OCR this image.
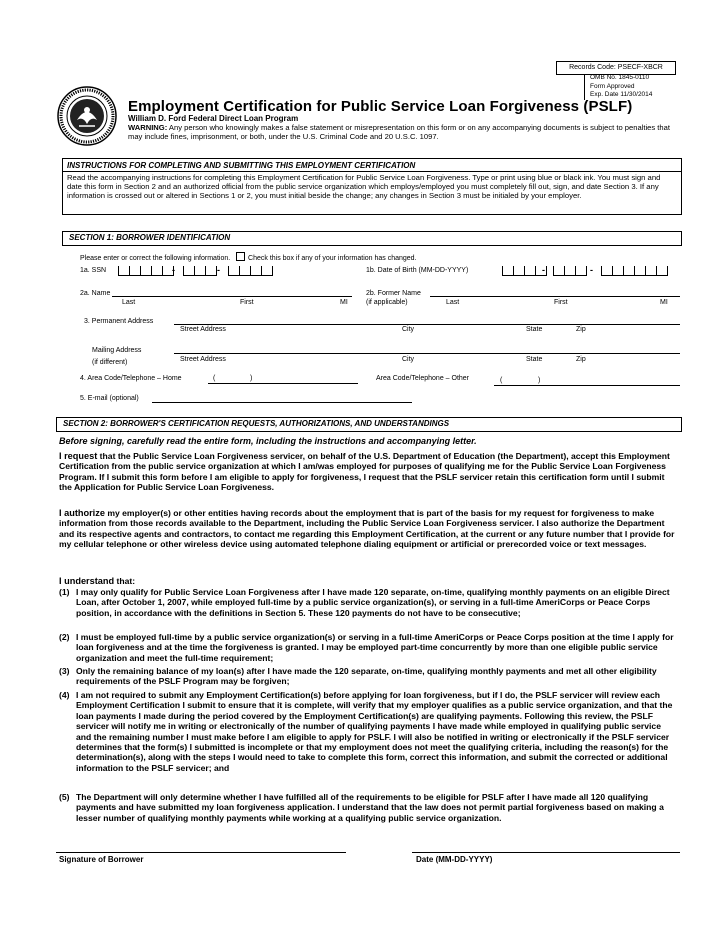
Records Code: PSECF-XBCR
OMB No. 1845-0110
Form Approved
Exp. Date 11/30/2014
Employment Certification for Public Service Loan Forgiveness (PSLF)
William D. Ford Federal Direct Loan Program
WARNING: Any person who knowingly makes a false statement or misrepresentation on this form or on any accompanying documents is subject to penalties that may include fines, imprisonment, or both, under the U.S. Criminal Code and 20 U.S.C. 1097.
INSTRUCTIONS FOR COMPLETING AND SUBMITTING THIS EMPLOYMENT CERTIFICATION
Read the accompanying instructions for completing this Employment Certification for Public Service Loan Forgiveness. Type or print using blue or black ink. You must sign and date this form in Section 2 and an authorized official from the public service organization which employs/employed you must completely fill out, sign, and date Section 3. If any information is crossed out or altered in Sections 1 or 2, you must initial beside the change; any changes in Section 3 must be initialed by your employer.
SECTION 1: BORROWER IDENTIFICATION
Please enter or correct the following information.	Check this box if any of your information has changed.
1a. SSN	-	-	1b. Date of Birth (MM-DD-YYYY)	-	-
2a. Name
Last	First	MI
2b. Former Name
(if applicable)	Last	First	MI
3. Permanent Address
Street Address	City	State	Zip
Mailing Address
(if different)	Street Address	City	State	Zip
4. Area Code/Telephone – Home	(	)	Area Code/Telephone – Other	(	)
5. E-mail (optional)
SECTION 2: BORROWER'S CERTIFICATION REQUESTS, AUTHORIZATIONS, AND UNDERSTANDINGS
Before signing, carefully read the entire form, including the instructions and accompanying letter.
I request that the Public Service Loan Forgiveness servicer, on behalf of the U.S. Department of Education (the Department), accept this Employment Certification from the public service organization at which I am/was employed for purposes of qualifying me for the Public Service Loan Forgiveness Program. If I submit this form before I am eligible to apply for forgiveness, I request that the PSLF servicer retain this certification form until I submit the Application for Public Service Loan Forgiveness.
I authorize my employer(s) or other entities having records about the employment that is part of the basis for my request for forgiveness to make information from those records available to the Department, including the Public Service Loan Forgiveness servicer. I also authorize the Department and its respective agents and contractors, to contact me regarding this Employment Certification, at the current or any future number that I provide for my cellular telephone or other wireless device using automated telephone dialing equipment or artificial or prerecorded voice or text messages.
I understand that:
(1) I may only qualify for Public Service Loan Forgiveness after I have made 120 separate, on-time, qualifying monthly payments on an eligible Direct Loan, after October 1, 2007, while employed full-time by a public service organization(s), or serving in a full-time AmeriCorps or Peace Corps position, in accordance with the definitions in Section 5. These 120 payments do not have to be consecutive;
(2) I must be employed full-time by a public service organization(s) or serving in a full-time AmeriCorps or Peace Corps position at the time I apply for loan forgiveness and at the time the forgiveness is granted. I may be employed part-time concurrently by more than one eligible public service organization and meet the full-time requirement;
(3) Only the remaining balance of my loan(s) after I have made the 120 separate, on-time, qualifying monthly payments and met all other eligibility requirements of the PSLF Program may be forgiven;
(4) I am not required to submit any Employment Certification(s) before applying for loan forgiveness, but if I do, the PSLF servicer will review each Employment Certification I submit to ensure that it is complete, will verify that my employer qualifies as a public service organization, and that the loan payments I made during the period covered by the Employment Certification(s) are qualifying payments. Following this review, the PSLF servicer will notify me in writing or electronically of the number of qualifying payments I have made while employed in qualifying public service and the remaining number I must make before I am eligible to apply for PSLF. I will also be notified in writing or electronically if the PSLF servicer determines that the form(s) I submitted is incomplete or that my employment does not meet the qualifying criteria, including the reason(s) for the determination(s), along with the steps I would need to take to complete this form, correct this information, and submit the corrected or additional information to the PSLF servicer; and
(5) The Department will only determine whether I have fulfilled all of the requirements to be eligible for PSLF after I have made all 120 qualifying payments and have submitted my loan forgiveness application. I understand that the law does not permit partial forgiveness based on making a lesser number of qualifying monthly payments while working at a qualifying public service organization.
Signature of Borrower	Date (MM-DD-YYYY)
